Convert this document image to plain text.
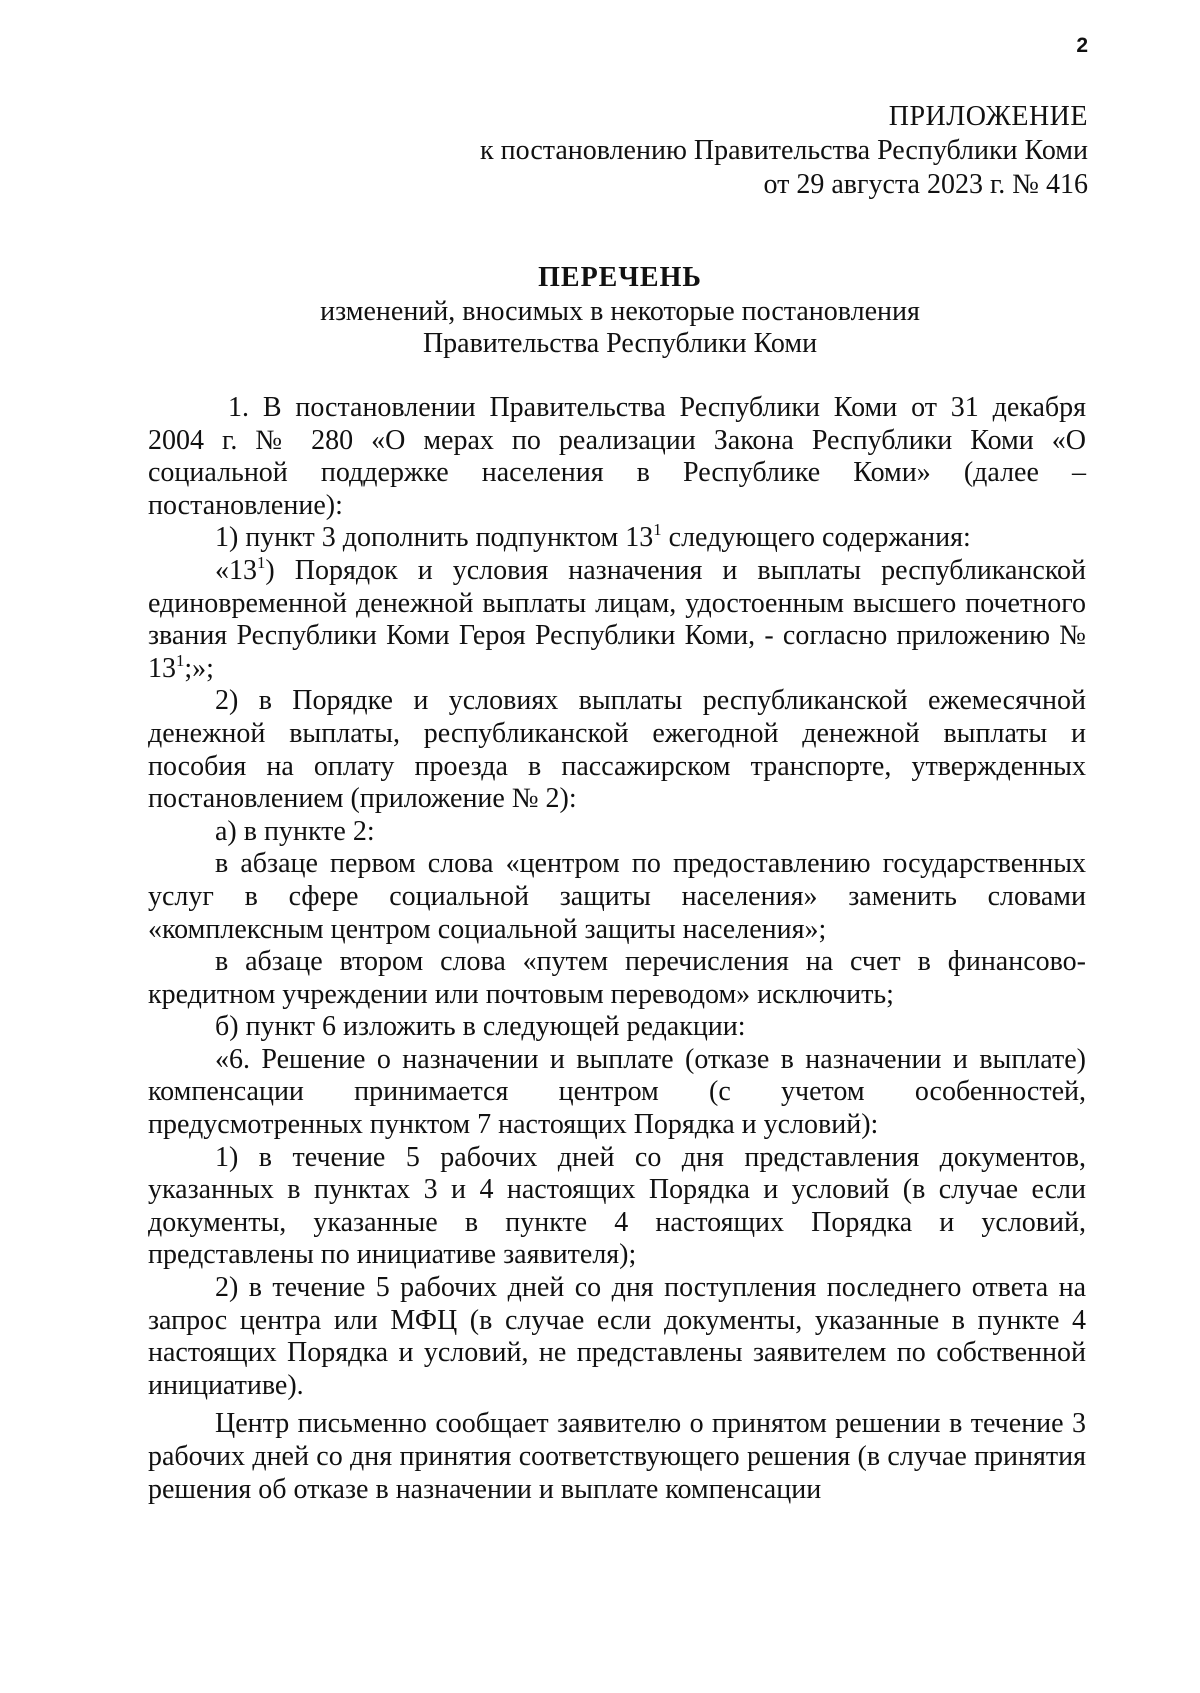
2
ПРИЛОЖЕНИЕ
к постановлению Правительства Республики Коми
от 29 августа 2023 г. № 416
ПЕРЕЧЕНЬ
изменений, вносимых в некоторые постановления
Правительства Республики Коми

1. В постановлении Правительства Республики Коми от 31 декабря 2004 г. № 280 «О мерах по реализации Закона Республики Коми «О социальной поддержке населения в Республике Коми» (далее – постановление):

1) пункт 3 дополнить подпунктом $13^1$ следующего содержания:

«$13^1$) Порядок и условия назначения и выплаты республиканской единовременной денежной выплаты лицам, удостоенным высшего почетного звания Республики Коми Героя Республики Коми, - согласно приложению № $13^1$;»;

2) в Порядке и условиях выплаты республиканской ежемесячной денежной выплаты, республиканской ежегодной денежной выплаты и пособия на оплату проезда в пассажирском транспорте, утвержденных постановлением (приложение № 2):

а) в пункте 2:

в абзаце первом слова «центром по предоставлению государственных услуг в сфере социальной защиты населения» заменить словами «комплексным центром социальной защиты населения»;

в абзаце втором слова «путем перечисления на счет в финансово-кредитном учреждении или почтовым переводом» исключить;

б) пункт 6 изложить в следующей редакции:

«6. Решение о назначении и выплате (отказе в назначении и выплате) компенсации принимается центром (с учетом особенностей, предусмотренных пунктом 7 настоящих Порядка и условий):

1) в течение 5 рабочих дней со дня представления документов, указанных в пунктах 3 и 4 настоящих Порядка и условий (в случае если документы, указанные в пункте 4 настоящих Порядка и условий, представлены по инициативе заявителя);

2) в течение 5 рабочих дней со дня поступления последнего ответа на запрос центра или МФЦ (в случае если документы, указанные в пункте 4 настоящих Порядка и условий, не представлены заявителем по собственной инициативе).

Центр письменно сообщает заявителю о принятом решении в течение 3 рабочих дней со дня принятия соответствующего решения (в случае принятия решения об отказе в назначении и выплате компенсации
